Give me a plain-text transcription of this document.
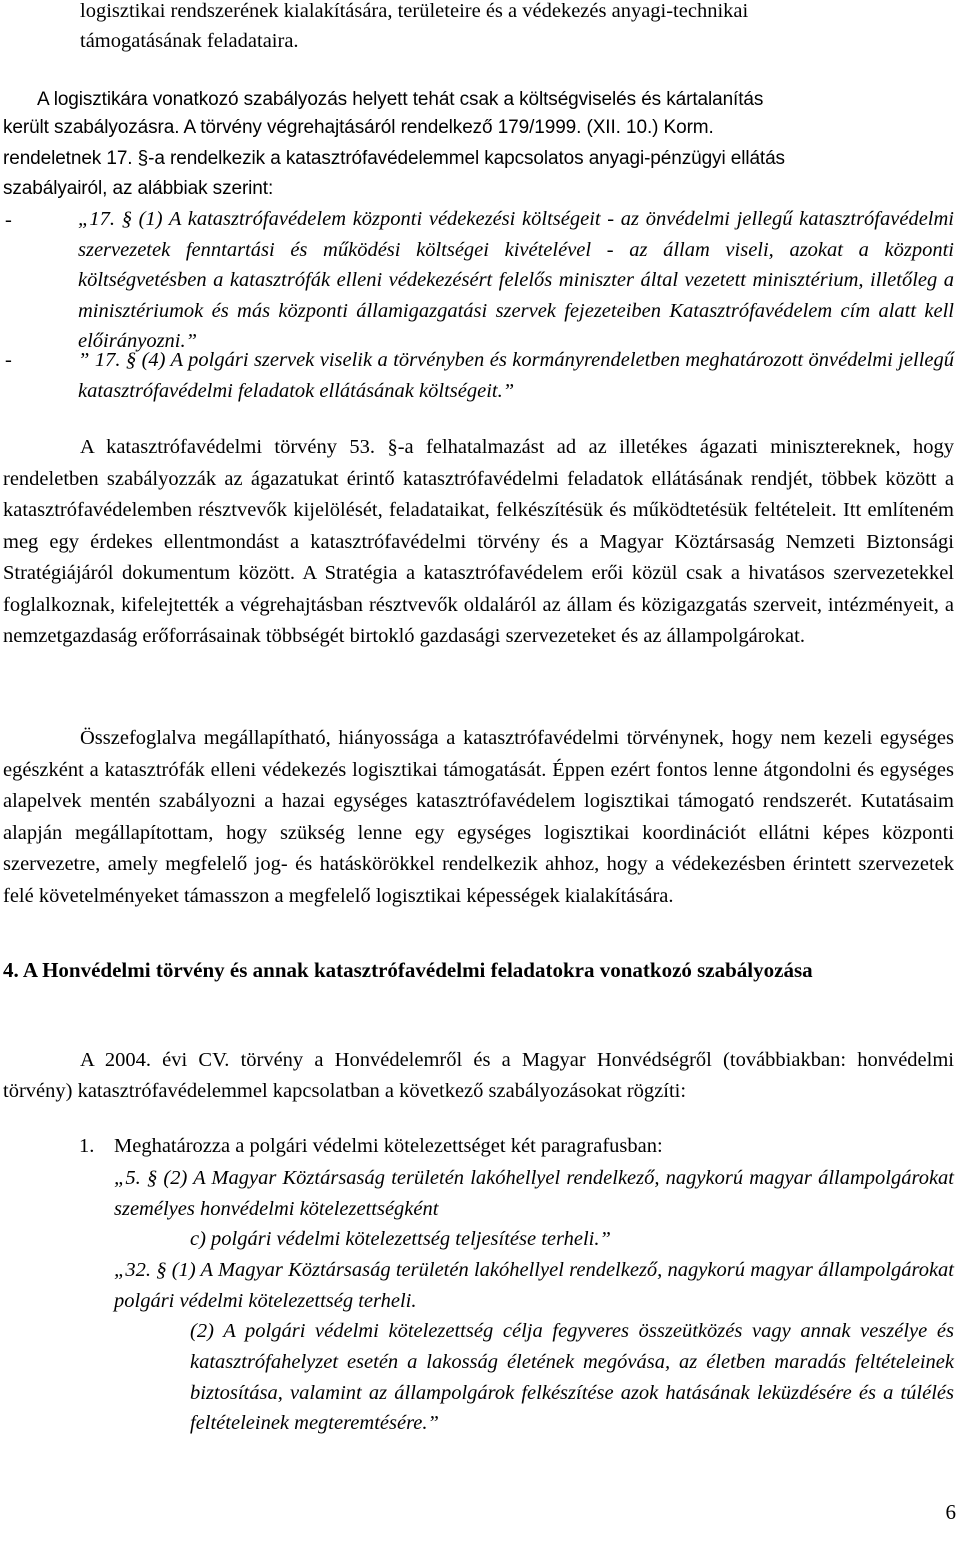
logisztikai rendszerének kialakítására, területeire és a védekezés anyagi-technikai

támogatásának feladataira.

A logisztikára vonatkozó szabályozás helyett tehát csak a költségviselés és kártalanítás

került szabályozásra. A törvény végrehajtásáról rendelkező 179/1999. (XII. 10.) Korm.

rendeletnek 17. §-a rendelkezik a katasztrófavédelemmel kapcsolatos anyagi-pénzügyi ellátás

szabályairól, az alábbiak szerint:

-	„17. § (1) A katasztrófavédelem központi védekezési költségeit - az önvédelmi jellegű katasztrófavédelmi szervezetek fenntartási és működési költségei kivételével - az állam viseli, azokat a központi költségvetésben a katasztrófák elleni védekezésért felelős miniszter által vezetett minisztérium, illetőleg a minisztériumok és más központi államigazgatási szervek fejezeteiben Katasztrófavédelem cím alatt kell előirányozni.”

-	” 17. § (4) A polgári szervek viselik a törvényben és kormányrendeletben meghatározott önvédelmi jellegű katasztrófavédelmi feladatok ellátásának költségeit.”

A katasztrófavédelmi törvény 53. §-a felhatalmazást ad az illetékes ágazati minisztereknek, hogy rendeletben szabályozzák az ágazatukat érintő katasztrófavédelmi feladatok ellátásának rendjét, többek között a katasztrófavédelemben résztvevők kijelölését, feladataikat, felkészítésük és működtetésük feltételeit. Itt említeném meg egy érdekes ellentmondást a katasztrófavédelmi törvény és a Magyar Köztársaság Nemzeti Biztonsági Stratégiájáról dokumentum között. A Stratégia a katasztrófavédelem erői közül csak a hivatásos szervezetekkel foglalkoznak, kifelejtették a végrehajtásban résztvevők oldaláról az állam és közigazgatás szerveit, intézményeit, a nemzetgazdaság erőforrásainak többségét birtokló gazdasági szervezeteket és az állampolgárokat.

Összefoglalva megállapítható, hiányossága a katasztrófavédelmi törvénynek, hogy nem kezeli egységes egészként a katasztrófák elleni védekezés logisztikai támogatását. Éppen ezért fontos lenne átgondolni és egységes alapelvek mentén szabályozni a hazai egységes katasztrófavédelem logisztikai támogató rendszerét. Kutatásaim alapján megállapítottam, hogy szükség lenne egy egységes logisztikai koordinációt ellátni képes központi szervezetre, amely megfelelő jog- és hatáskörökkel rendelkezik ahhoz, hogy a védekezésben érintett szervezetek felé követelményeket támasszon a megfelelő logisztikai képességek kialakítására.

4. A Honvédelmi törvény és annak katasztrófavédelmi feladatokra vonatkozó szabályozása

A 2004. évi CV. törvény a Honvédelemről és a Magyar Honvédségről (továbbiakban: honvédelmi törvény) katasztrófavédelemmel kapcsolatban a következő szabályozásokat rögzíti:

1. Meghatározza a polgári védelmi kötelezettséget két paragrafusban:

„5. § (2) A Magyar Köztársaság területén lakóhellyel rendelkező, nagykorú magyar állampolgárokat személyes honvédelmi kötelezettségként

c) polgári védelmi kötelezettség teljesítése terheli.”

„32. § (1) A Magyar Köztársaság területén lakóhellyel rendelkező, nagykorú magyar állampolgárokat polgári védelmi kötelezettség terheli.

(2) A polgári védelmi kötelezettség célja fegyveres összeütközés vagy annak veszélye és katasztrófahelyzet esetén a lakosság életének megóvása, az életben maradás feltételeinek biztosítása, valamint az állampolgárok felkészítése azok hatásának leküzdésére és a túlélés feltételeinek megteremtésére.”

6
